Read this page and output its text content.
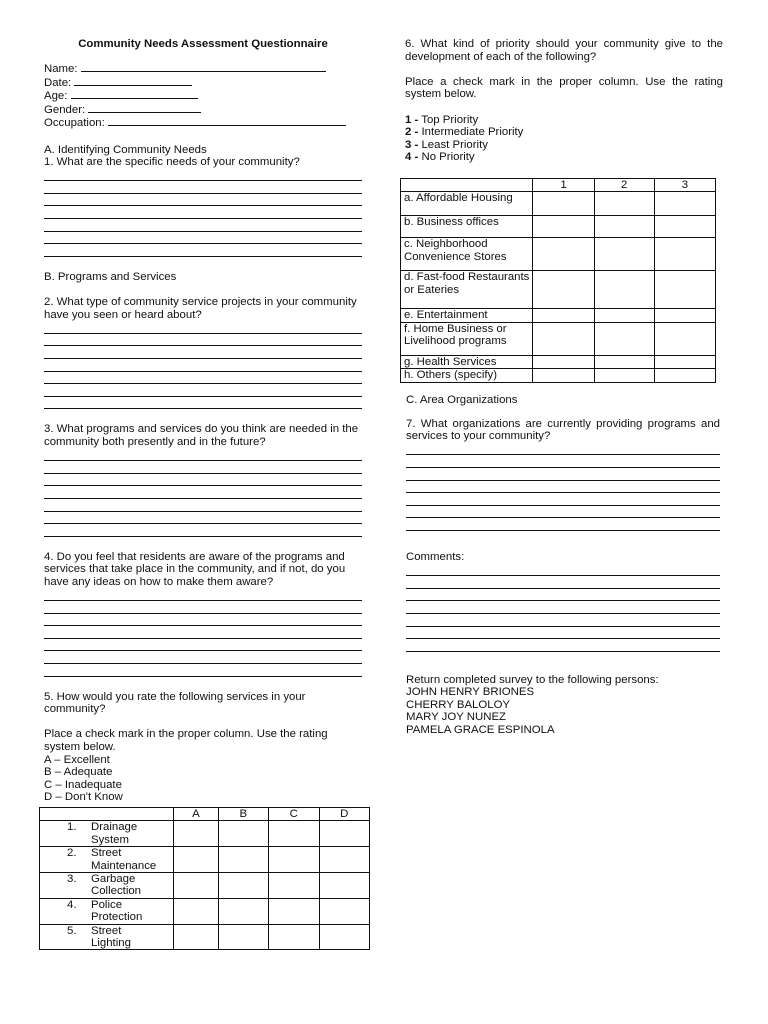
Community Needs Assessment Questionnaire
Name:
Date:
Age:
Gender:
Occupation:
A. Identifying Community Needs
1. What are the specific needs of your community?
B. Programs and Services
2. What type of community service projects in your community have you seen or heard about?
3. What programs and services do you think are needed in the community both presently and in the future?
4. Do you feel that residents are aware of the programs and services that take place in the community, and if not, do you have any ideas on how to make them aware?
5. How would you rate the following services in your community?
Place a check mark in the proper column. Use the rating system below.
A – Excellent
B – Adequate
C – Inadequate
D – Don't Know
	A	B	C	D

1. Drainage System				

2. Street Maintenance				

3. Garbage Collection				

4. Police Protection				

5. Street Lighting				

6. What kind of priority should your community give to the development of each of the following?
Place a check mark in the proper column. Use the rating system below.
1 - Top Priority
2 - Intermediate Priority
3 - Least Priority
4 - No Priority
	1	2	3
a. Affordable Housing			
b. Business offices			
c. Neighborhood Convenience Stores			
d. Fast-food Restaurants or Eateries			
e. Entertainment			
f. Home Business or Livelihood programs			
g. Health Services			
h. Others (specify)			
C. Area Organizations
7. What organizations are currently providing programs and services to your community?
Comments:
Return completed survey to the following persons:
JOHN HENRY BRIONES
CHERRY BALOLOY
MARY JOY NUNEZ
PAMELA GRACE ESPINOLA
